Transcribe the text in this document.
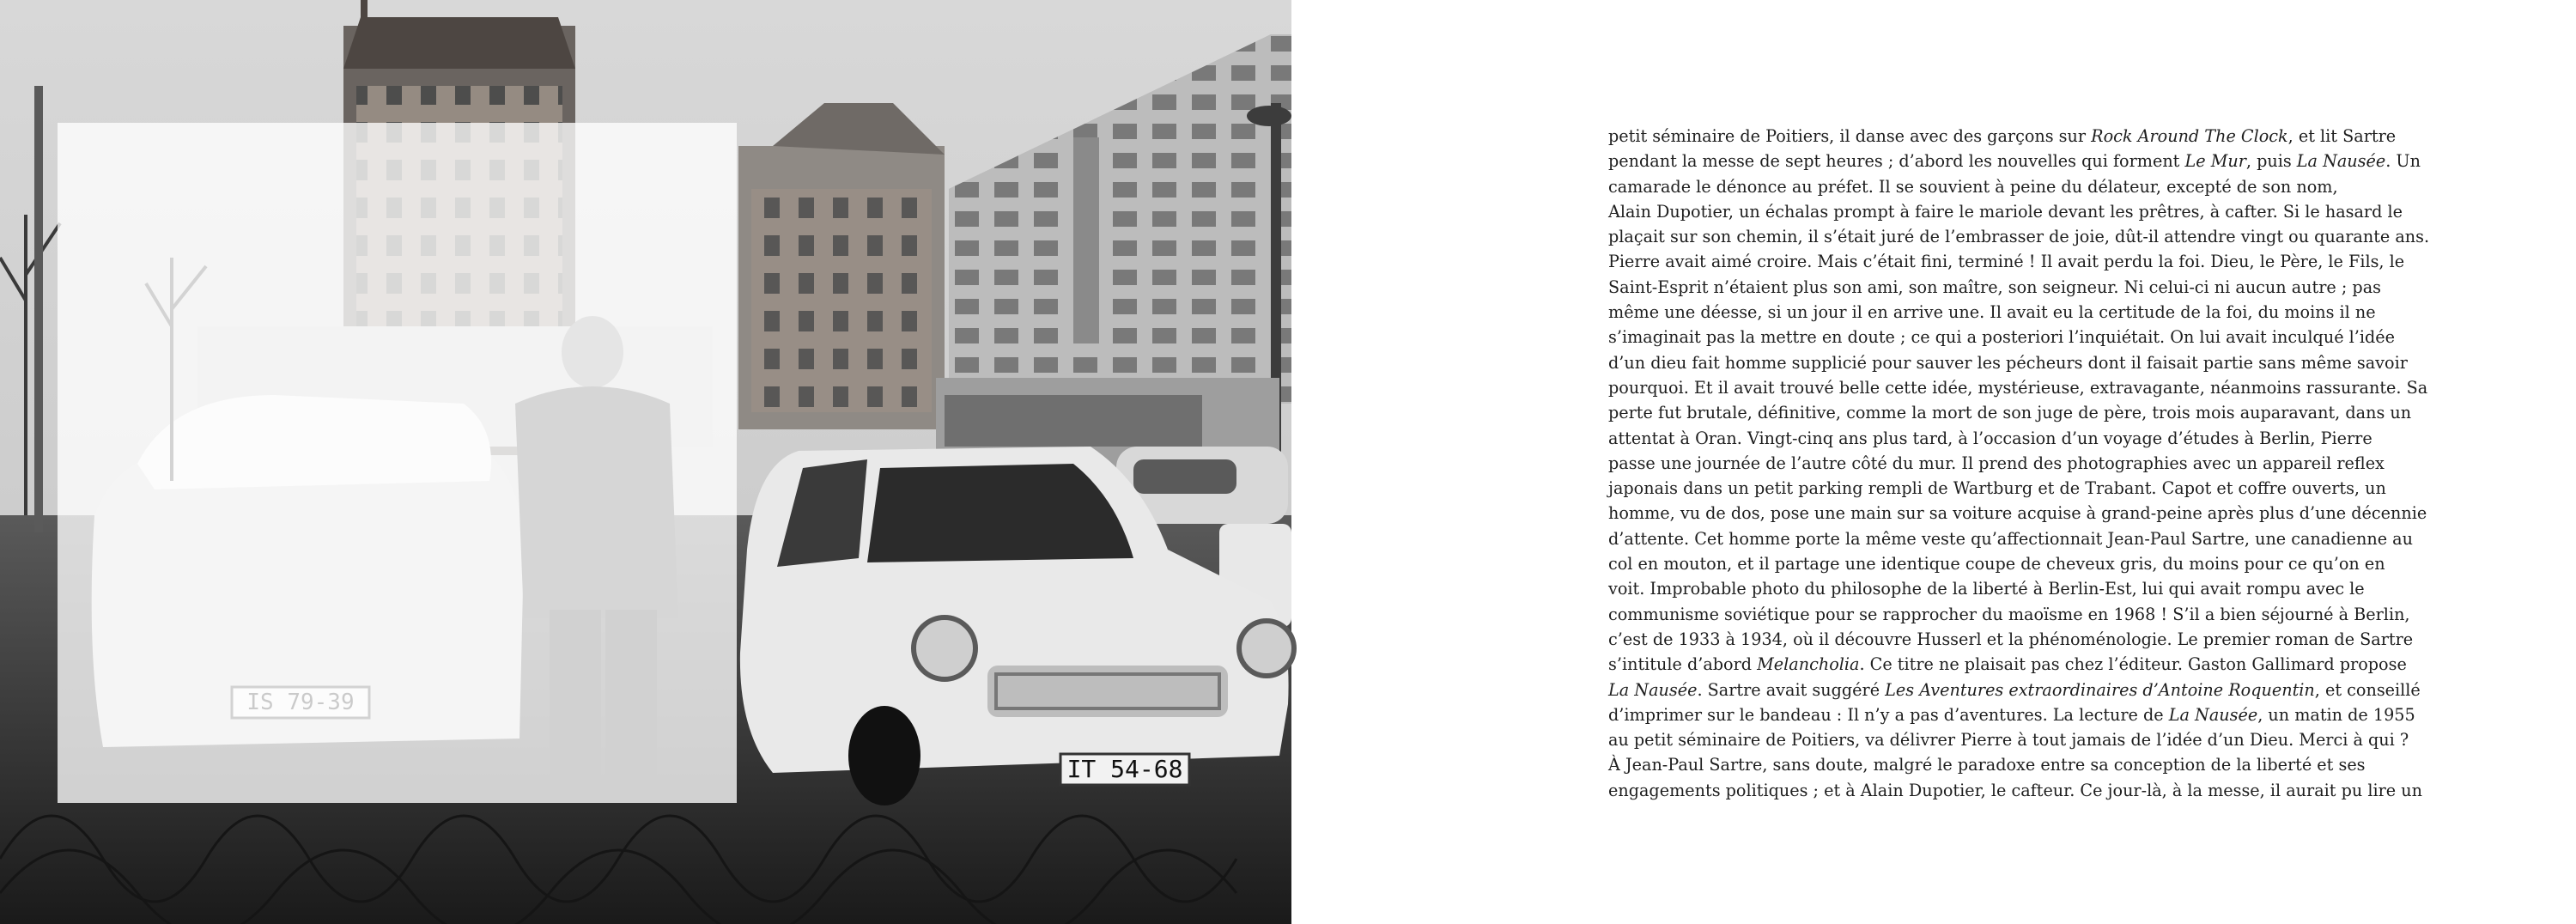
IT 54-68
petit séminaire de Poitiers, il danse avec des garçons sur Rock Around The Clock, et lit Sartre
pendant la messe de sept heures ; d’abord les nouvelles qui forment Le Mur, puis La Nausée. Un
camarade le dénonce au préfet. Il se souvient à peine du délateur, excepté de son nom,
Alain Dupotier, un échalas prompt à faire le mariole devant les prêtres, à cafter. Si le hasard le
plaçait sur son chemin, il s’était juré de l’embrasser de joie, dût-il attendre vingt ou quarante ans.
Pierre avait aimé croire. Mais c’était fini, terminé ! Il avait perdu la foi. Dieu, le Père, le Fils, le
Saint-Esprit n’étaient plus son ami, son maître, son seigneur. Ni celui-ci ni aucun autre ; pas
même une déesse, si un jour il en arrive une. Il avait eu la certitude de la foi, du moins il ne
s’imaginait pas la mettre en doute ; ce qui a posteriori l’inquiétait. On lui avait inculqué l’idée
d’un dieu fait homme supplicié pour sauver les pécheurs dont il faisait partie sans même savoir
pourquoi. Et il avait trouvé belle cette idée, mystérieuse, extravagante, néanmoins rassurante. Sa
perte fut brutale, définitive, comme la mort de son juge de père, trois mois auparavant, dans un
attentat à Oran. Vingt-cinq ans plus tard, à l’occasion d’un voyage d’études à Berlin, Pierre
passe une journée de l’autre côté du mur. Il prend des photographies avec un appareil reflex
japonais dans un petit parking rempli de Wartburg et de Trabant. Capot et coffre ouverts, un
homme, vu de dos, pose une main sur sa voiture acquise à grand-peine après plus d’une décennie
d’attente. Cet homme porte la même veste qu’affectionnait Jean-Paul Sartre, une canadienne au
col en mouton, et il partage une identique coupe de cheveux gris, du moins pour ce qu’on en
voit. Improbable photo du philosophe de la liberté à Berlin-Est, lui qui avait rompu avec le
communisme soviétique pour se rapprocher du maoïsme en 1968 ! S’il a bien séjourné à Berlin,
c’est de 1933 à 1934, où il découvre Husserl et la phénoménologie. Le premier roman de Sartre
s’intitule d’abord Melancholia. Ce titre ne plaisait pas chez l’éditeur. Gaston Gallimard propose
La Nausée. Sartre avait suggéré Les Aventures extraordinaires d’Antoine Roquentin, et conseillé
d’imprimer sur le bandeau : Il n’y a pas d’aventures. La lecture de La Nausée, un matin de 1955
au petit séminaire de Poitiers, va délivrer Pierre à tout jamais de l’idée d’un Dieu. Merci à qui ?
À Jean-Paul Sartre, sans doute, malgré le paradoxe entre sa conception de la liberté et ses
engagements politiques ; et à Alain Dupotier, le cafteur. Ce jour-là, à la messe, il aurait pu lire un
